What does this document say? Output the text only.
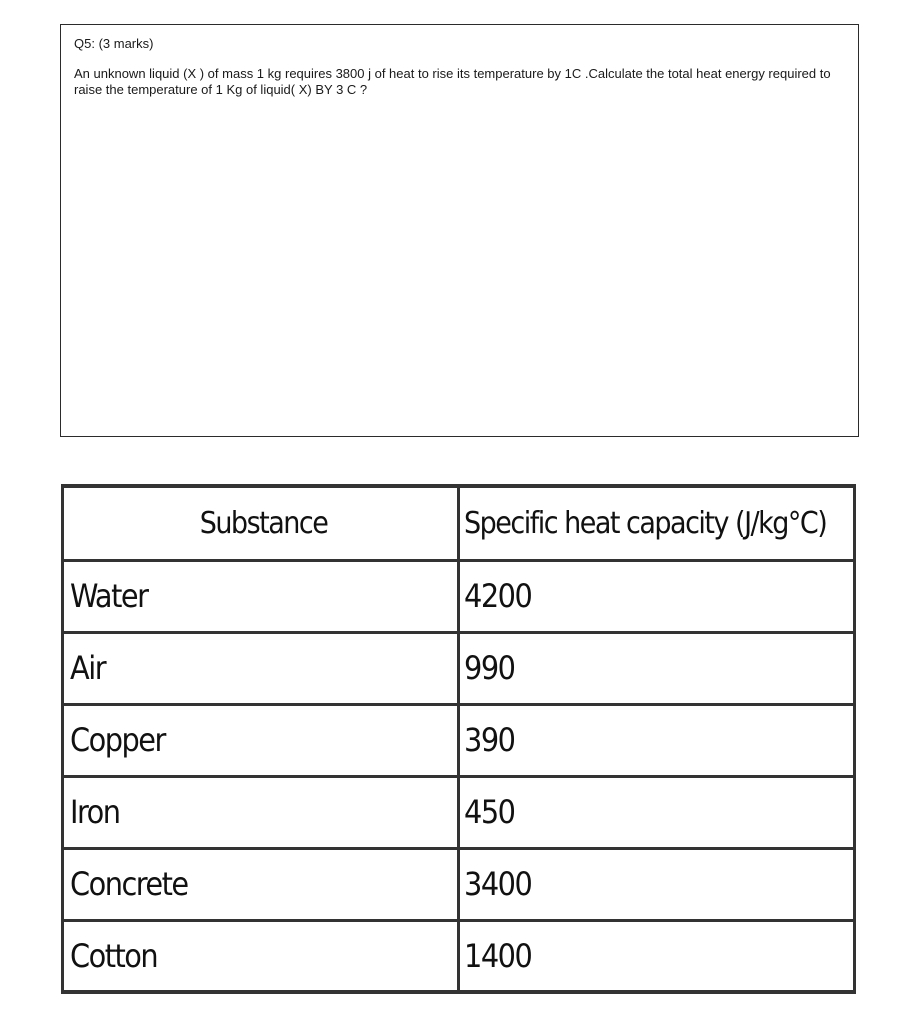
Q5: (3 marks)
An unknown liquid (X ) of mass 1 kg requires 3800 j of heat to rise its temperature by 1C .Calculate the total heat energy required to raise the temperature of 1 Kg of liquid( X) BY 3 C ?
Substance	Specific heat capacity (J/kg°C)
Water	4200
Air	990
Copper	390
Iron	450
Concrete	3400
Cotton	1400
